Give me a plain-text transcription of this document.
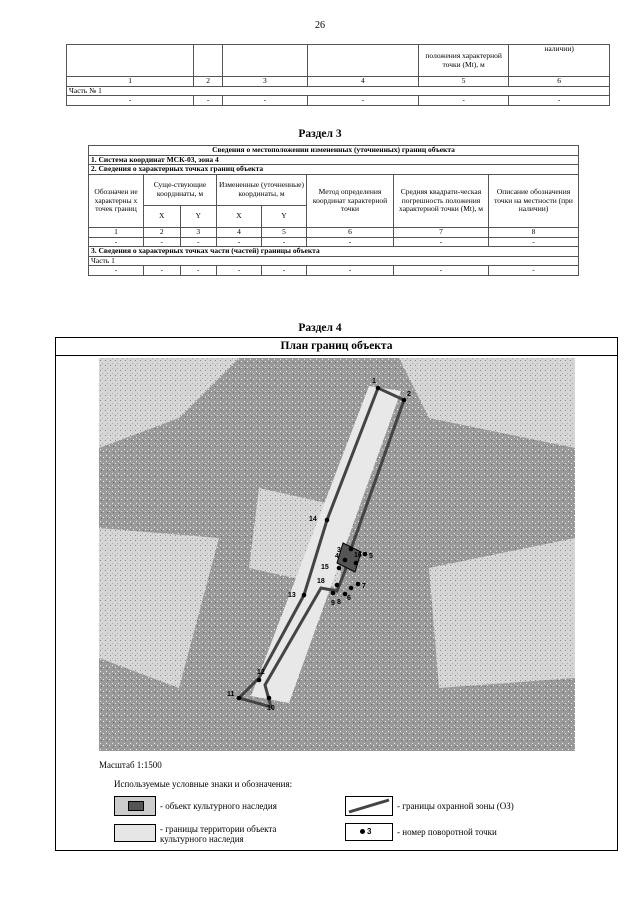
26
				положения характерной точки (Mt), м	наличии)
1	2	3	4	5	6
Часть № 1					
-	-	-	-	-	-
Раздел 3
Сведения о местоположении измененных (уточненных) границ объекта							
1. Система координат МСК-03, зона 4							
2. Сведения о характерных точках границ объекта							
Обозначен ие характерны х точек границ	Суще-ствующие координаты, м		Измененные (уточненные) координаты, м		Метод определения координат характерной точки	Средняя квадрати-ческая погрешность положения характерной точки (Mt), м	Описание обозначения точки на местности (при наличии)
	X	Y	X	Y			
1	2	3	4	5	6	7	8
-	-	-	-	-	-	-	-
3. Сведения о характерных точках части (частей) границы объекта							
Часть 1							
-	-	-	-	-	-	-	-
Раздел 4
План границ объекта
1
2
3
4	5
6
7
8
9
10
11
12
13
14
15
16
18
Масштаб 1:1500
Используемые условные знаки и обозначения:
- объект культурного наследия
- границы территории объекта культурного наследия
- границы охранной зоны (ОЗ)
3	- номер поворотной точки
